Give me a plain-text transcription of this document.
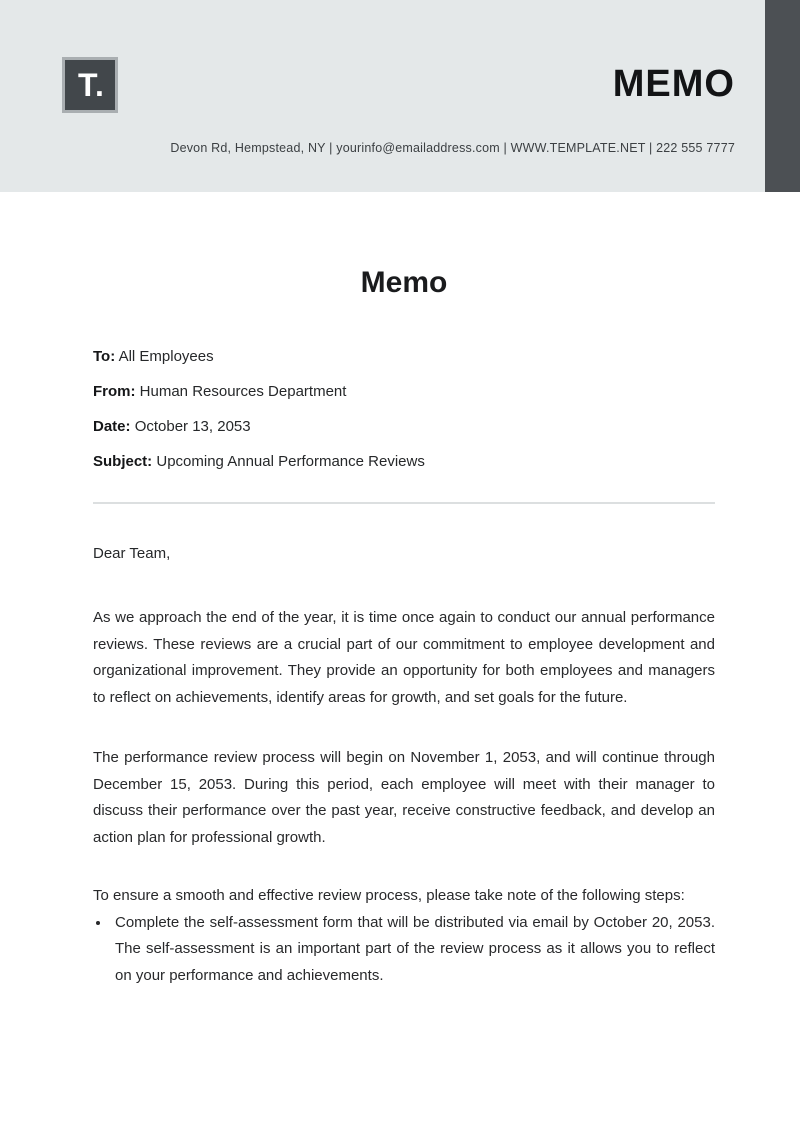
T.	MEMO
Devon Rd, Hempstead, NY | yourinfo@emailaddress.com | WWW.TEMPLATE.NET | 222 555 7777
Memo
To: All Employees
From: Human Resources Department
Date: October 13, 2053
Subject: Upcoming Annual Performance Reviews
Dear Team,
As we approach the end of the year, it is time once again to conduct our annual performance reviews. These reviews are a crucial part of our commitment to employee development and organizational improvement. They provide an opportunity for both employees and managers to reflect on achievements, identify areas for growth, and set goals for the future.
The performance review process will begin on November 1, 2053, and will continue through December 15, 2053. During this period, each employee will meet with their manager to discuss their performance over the past year, receive constructive feedback, and develop an action plan for professional growth.
To ensure a smooth and effective review process, please take note of the following steps:
• Complete the self-assessment form that will be distributed via email by October 20, 2053. The self-assessment is an important part of the review process as it allows you to reflect on your performance and achievements.
